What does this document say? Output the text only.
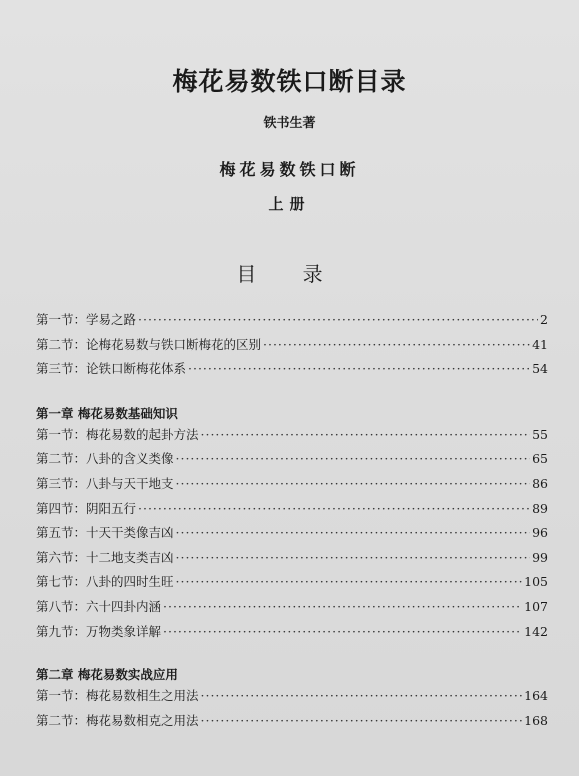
梅花易数铁口断目录
铁书生著
梅花易数铁口断
上册
目 录
第一节：学易之路 ·····	2
第二节：论梅花易数与铁口断梅花的区别 ·····	41
第三节：论铁口断梅花体系 ·····	54
第一章 梅花易数基础知识
第一节：梅花易数的起卦方法 ·····	55
第二节：八卦的含义类像 ·····	65
第三节：八卦与天干地支 ·····	86
第四节：阴阳五行 ·····	89
第五节：十天干类像吉凶 ·····	96
第六节：十二地支类吉凶 ·····	99
第七节：八卦的四时生旺 ·····	105
第八节：六十四卦内涵 ·····	107
第九节：万物类象详解 ·····	142
第二章 梅花易数实战应用
第一节：梅花易数相生之用法 ·····	164
第二节：梅花易数相克之用法 ·····	168
